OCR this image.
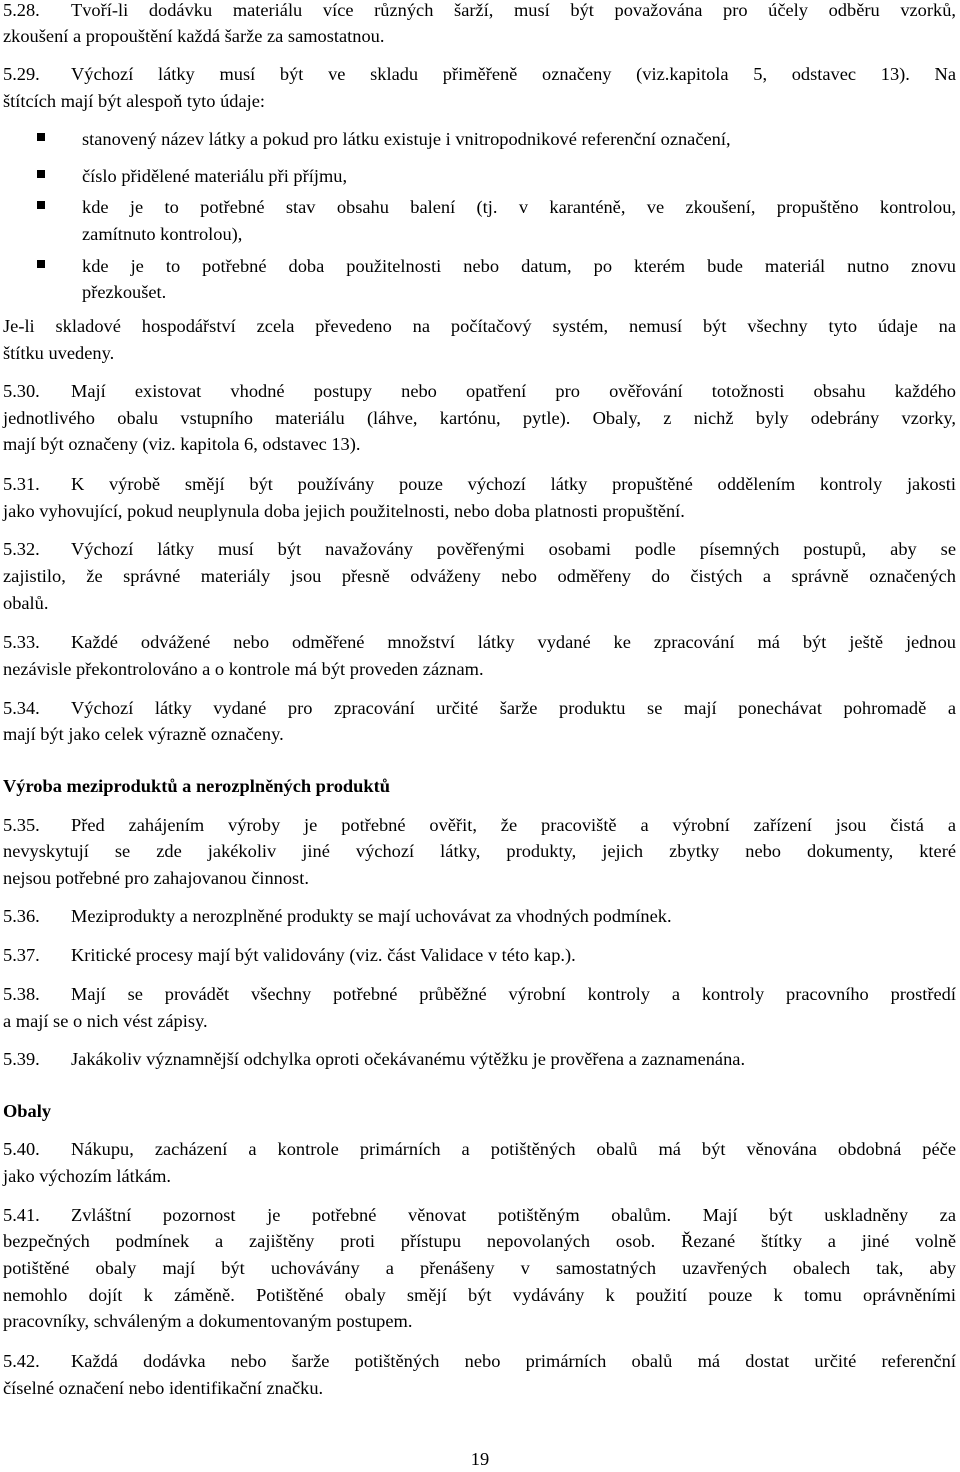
5.28. Tvoří-li dodávku materiálu více různých šarží, musí být považována pro účely odběru vzorků,
zkoušení a propouštění každá šarže za samostatnou.
5.29. Výchozí látky musí být ve skladu přiměřeně označeny (viz.kapitola 5, odstavec 13). Na
štítcích mají být alespoň tyto údaje:
stanovený název látky a pokud pro látku existuje i vnitropodnikové referenční označení,
číslo přidělené materiálu při příjmu,
kde je to potřebné stav obsahu balení (tj. v karanténě, ve zkoušení, propuštěno kontrolou,
zamítnuto kontrolou),
kde je to potřebné doba použitelnosti nebo datum, po kterém bude materiál nutno znovu
přezkoušet.
Je-li skladové hospodářství zcela převedeno na počítačový systém, nemusí být všechny tyto údaje na
štítku uvedeny.
5.30. Mají existovat vhodné postupy nebo opatření pro ověřování totožnosti obsahu každého
jednotlivého obalu vstupního materiálu (láhve, kartónu, pytle). Obaly, z nichž byly odebrány vzorky,
mají být označeny (viz. kapitola 6, odstavec 13).
5.31. K výrobě smějí být používány pouze výchozí látky propuštěné oddělením kontroly jakosti
jako vyhovující, pokud neuplynula doba jejich použitelnosti, nebo doba platnosti propuštění.
5.32. Výchozí látky musí být navažovány pověřenými osobami podle písemných postupů, aby se
zajistilo, že správné materiály jsou přesně odváženy nebo odměřeny do čistých a správně označených
obalů.
5.33. Každé odvážené nebo odměřené množství látky vydané ke zpracování má být ještě jednou
nezávisle překontrolováno a o kontrole má být proveden záznam.
5.34. Výchozí látky vydané pro zpracování určité šarže produktu se mají ponechávat pohromadě a
mají být jako celek výrazně označeny.
Výroba meziproduktů a nerozplněných produktů
5.35. Před zahájením výroby je potřebné ověřit, že pracoviště a výrobní zařízení jsou čistá a
nevyskytují se zde jakékoliv jiné výchozí látky, produkty, jejich zbytky nebo dokumenty, které
nejsou potřebné pro zahajovanou činnost.
5.36. Meziprodukty a nerozplněné produkty se mají uchovávat za vhodných podmínek.
5.37. Kritické procesy mají být validovány (viz. část Validace v této kap.).
5.38. Mají se provádět všechny potřebné průběžné výrobní kontroly a kontroly pracovního prostředí
a mají se o nich vést zápisy.
5.39. Jakákoliv významnější odchylka oproti očekávanému výtěžku je prověřena a zaznamenána.
Obaly
5.40. Nákupu, zacházení a kontrole primárních a potištěných obalů má být věnována obdobná péče
jako výchozím látkám.
5.41. Zvláštní pozornost je potřebné věnovat potištěným obalům. Mají být uskladněny za
bezpečných podmínek a zajištěny proti přístupu nepovolaných osob. Řezané štítky a jiné volně
potištěné obaly mají být uchovávány a přenášeny v samostatných uzavřených obalech tak, aby
nemohlo dojít k záměně. Potištěné obaly smějí být vydávány k použití pouze k tomu oprávněními
pracovníky, schváleným a dokumentovaným postupem.
5.42. Každá dodávka nebo šarže potištěných nebo primárních obalů má dostat určité referenční
číselné označení nebo identifikační značku.
19
